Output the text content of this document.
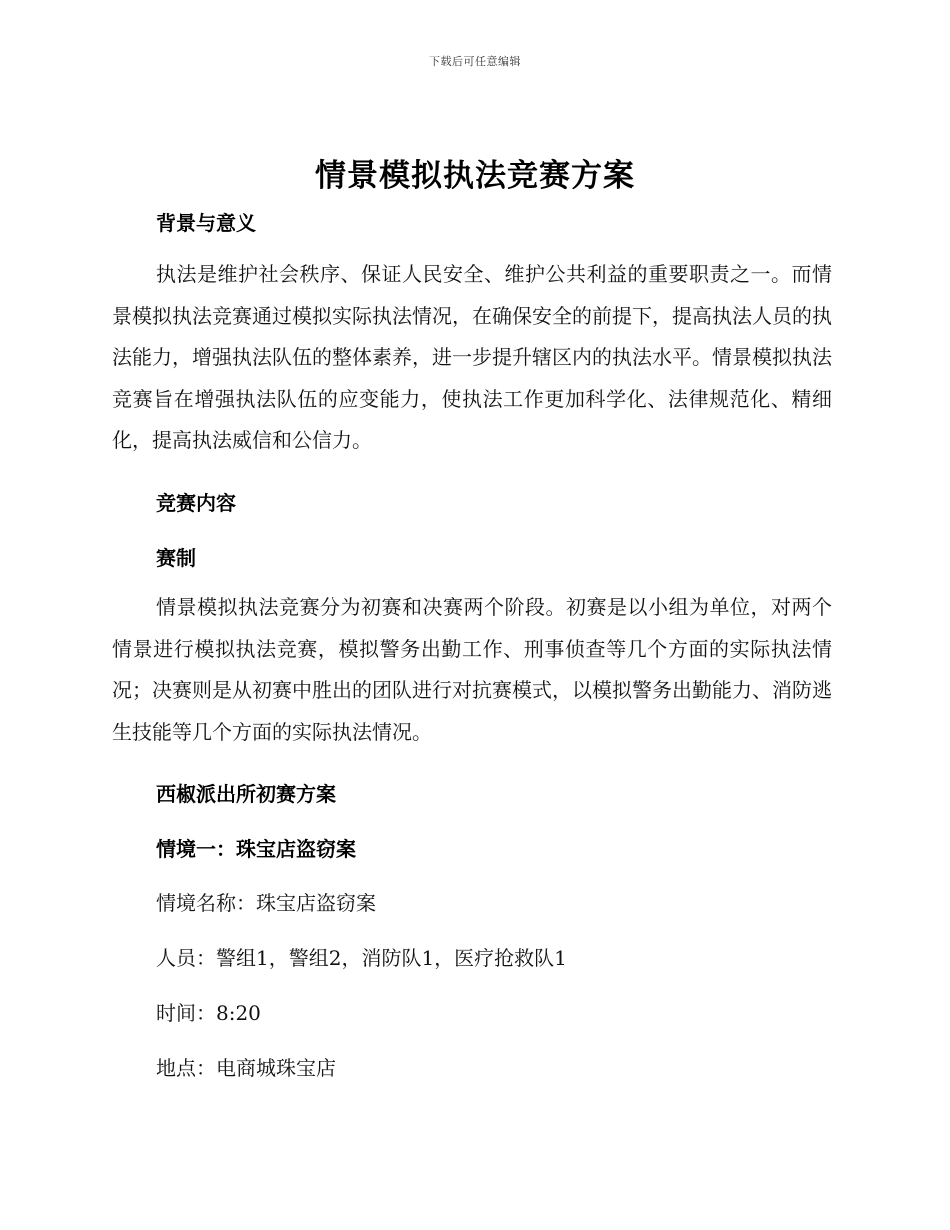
下载后可任意编辑
情景模拟执法竞赛方案
背景与意义

执法是维护社会秩序、保证人民安全、维护公共利益的重要职责之一。而情景模拟执法竞赛通过模拟实际执法情况，在确保安全的前提下，提高执法人员的执法能力，增强执法队伍的整体素养，进一步提升辖区内的执法水平。情景模拟执法竞赛旨在增强执法队伍的应变能力，使执法工作更加科学化、法律规范化、精细化，提高执法威信和公信力。

竞赛内容
赛制

情景模拟执法竞赛分为初赛和决赛两个阶段。初赛是以小组为单位，对两个情景进行模拟执法竞赛，模拟警务出勤工作、刑事侦查等几个方面的实际执法情况；决赛则是从初赛中胜出的团队进行对抗赛模式，以模拟警务出勤能力、消防逃生技能等几个方面的实际执法情况。

西椒派出所初赛方案
情境一：珠宝店盗窃案
情境名称：珠宝店盗窃案
人员：警组1，警组2，消防队1，医疗抢救队1
时间：8:20
地点：电商城珠宝店
